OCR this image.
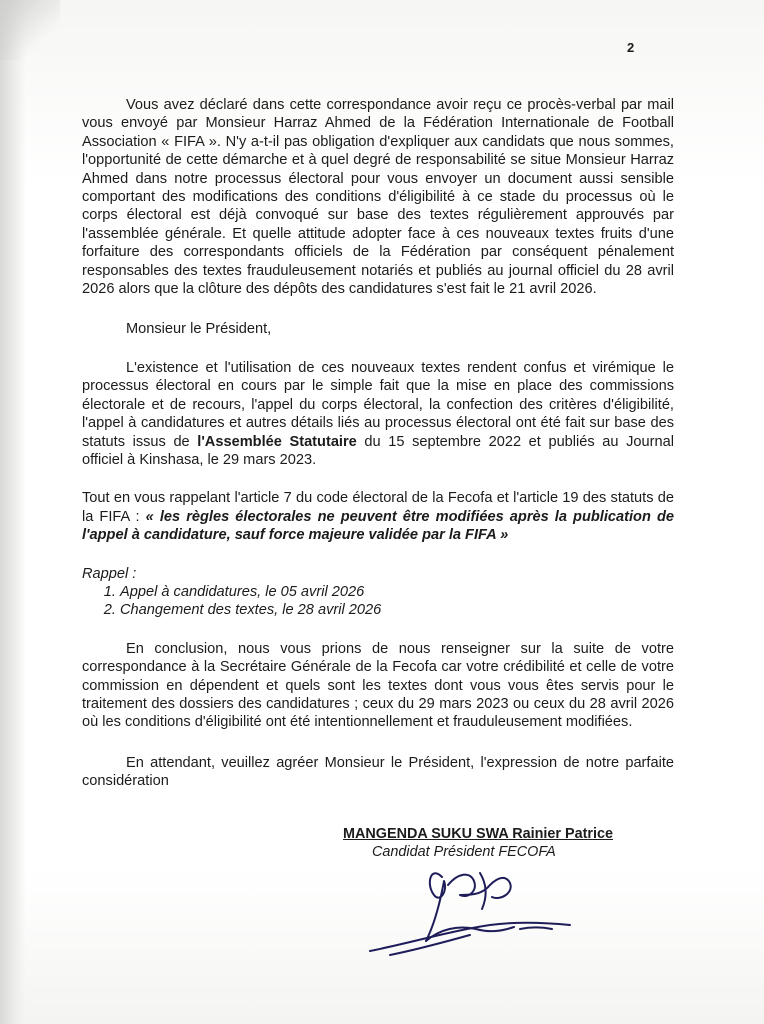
2

Vous avez déclaré dans cette correspondance avoir reçu ce procès-verbal par mail vous envoyé par Monsieur Harraz Ahmed de la Fédération Internationale de Football Association « FIFA ». N'y a-t-il pas obligation d'expliquer aux candidats que nous sommes, l'opportunité de cette démarche et à quel degré de responsabilité se situe Monsieur Harraz Ahmed dans notre processus électoral pour vous envoyer un document aussi sensible comportant des modifications des conditions d'éligibilité à ce stade du processus où le corps électoral est déjà convoqué sur base des textes régulièrement approuvés par l'assemblée générale. Et quelle attitude adopter face à ces nouveaux textes fruits d'une forfaiture des correspondants officiels de la Fédération par conséquent pénalement responsables des textes frauduleusement notariés et publiés au journal officiel du 28 avril 2026 alors que la clôture des dépôts des candidatures s'est fait le 21 avril 2026.

Monsieur le Président,

L'existence et l'utilisation de ces nouveaux textes rendent confus et virémique le processus électoral en cours par le simple fait que la mise en place des commissions électorale et de recours, l'appel du corps électoral, la confection des critères d'éligibilité, l'appel à candidatures et autres détails liés au processus électoral ont été fait sur base des statuts issus de l'Assemblée Statutaire du 15 septembre 2022 et publiés au Journal officiel à Kinshasa, le 29 mars 2023.

Tout en vous rappelant l'article 7 du code électoral de la Fecofa et l'article 19 des statuts de la FIFA : « les règles électorales ne peuvent être modifiées après la publication de l'appel à candidature, sauf force majeure validée par la FIFA »

Rappel :
1. Appel à candidatures, le 05 avril 2026
2. Changement des textes, le 28 avril 2026

En conclusion, nous vous prions de nous renseigner sur la suite de votre correspondance à la Secrétaire Générale de la Fecofa car votre crédibilité et celle de votre commission en dépendent et quels sont les textes dont vous vous êtes servis pour le traitement des dossiers des candidatures ; ceux du 29 mars 2023 ou ceux du 28 avril 2026 où les conditions d'éligibilité ont été intentionnellement et frauduleusement modifiées.

En attendant, veuillez agréer Monsieur le Président, l'expression de notre parfaite considération

MANGENDA SUKU SWA Rainier Patrice
Candidat Président FECOFA
